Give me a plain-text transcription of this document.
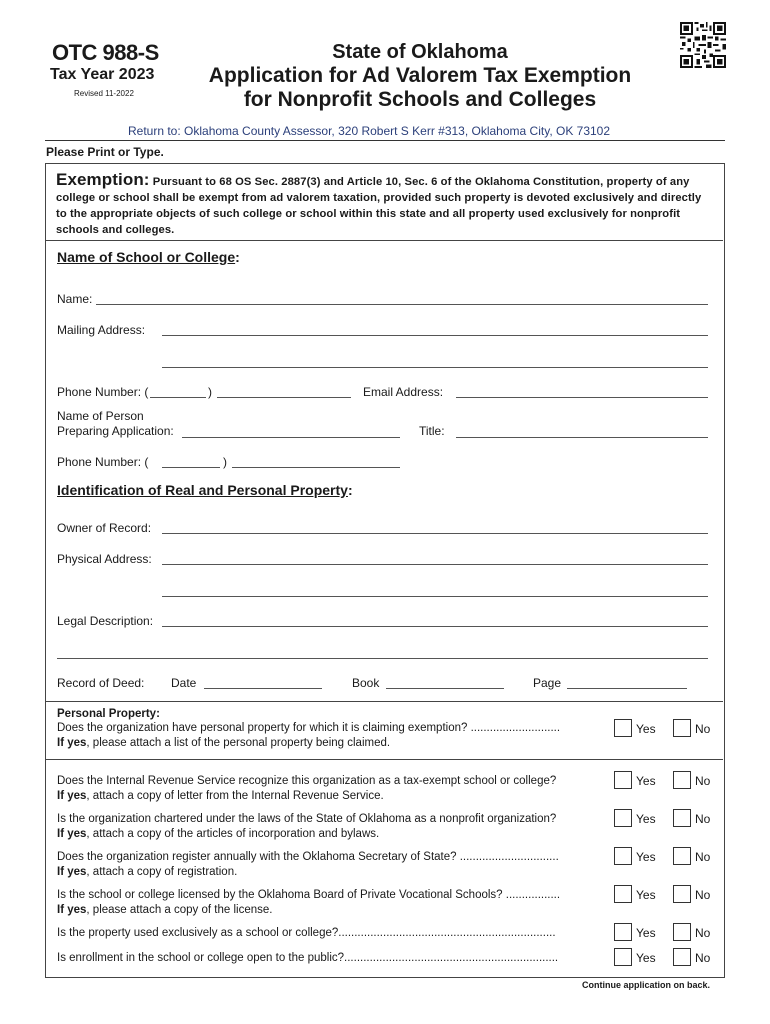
OTC 988-S
Tax Year 2023
Revised 11-2022
State of Oklahoma
Application for Ad Valorem Tax Exemption
for Nonprofit Schools and Colleges
Return to: Oklahoma County Assessor, 320 Robert S Kerr #313, Oklahoma City, OK 73102
Please Print or Type.
Exemption: Pursuant to 68 OS Sec. 2887(3) and Article 10, Sec. 6 of the Oklahoma Constitution, property of any college or school shall be exempt from ad valorem taxation, provided such property is devoted exclusively and directly to the appropriate objects of such college or school within this state and all property used exclusively for nonprofit schools and colleges.
Name of School or College:
Name:
Mailing Address:
Phone Number: (	)	Email Address:
Name of Person
Preparing Application:	Title:
Phone Number: (	)
Identification of Real and Personal Property:
Owner of Record:
Physical Address:
Legal Description:
Record of Deed: Date	Book	Page
Personal Property:
Does the organization have personal property for which it is claiming exemption? ............................
If yes, please attach a list of the personal property being claimed.
Yes	No
Does the Internal Revenue Service recognize this organization as a tax-exempt school or college?
If yes, attach a copy of letter from the Internal Revenue Service.
Yes	No
Is the organization chartered under the laws of the State of Oklahoma as a nonprofit organization?
If yes, attach a copy of the articles of incorporation and bylaws.
Yes	No
Does the organization register annually with the Oklahoma Secretary of State? ...............................
If yes, attach a copy of registration.
Yes	No
Is the school or college licensed by the Oklahoma Board of Private Vocational Schools? .................
If yes, please attach a copy of the license.
Yes	No
Is the property used exclusively as a school or college?....................................................................	Yes	No
Is enrollment in the school or college open to the public?...................................................................	Yes	No
Continue application on back.
